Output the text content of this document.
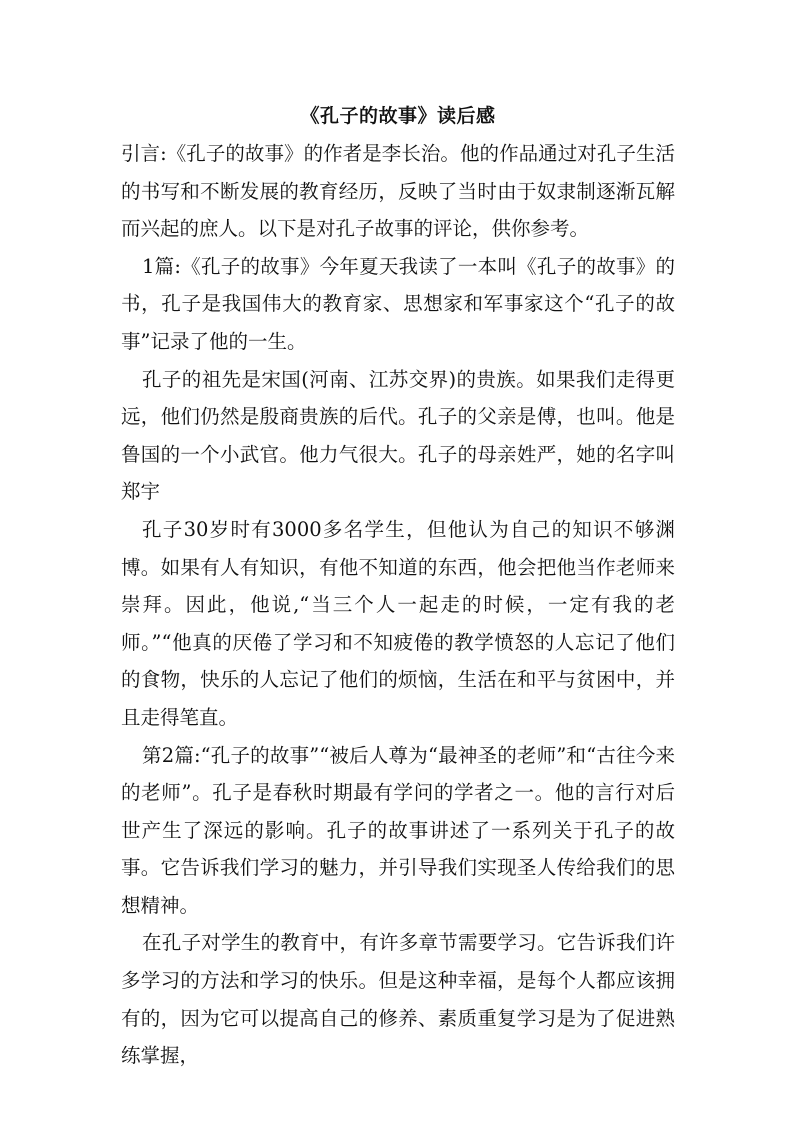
《孔子的故事》读后感

引言:《孔子的故事》的作者是李长治。他的作品通过对孔子生活的书写和不断发展的教育经历，反映了当时由于奴隶制逐渐瓦解而兴起的庶人。以下是对孔子故事的评论，供你参考。

1篇:《孔子的故事》今年夏天我读了一本叫《孔子的故事》的书，孔子是我国伟大的教育家、思想家和军事家这个“孔子的故事”记录了他的一生。

孔子的祖先是宋国(河南、江苏交界)的贵族。如果我们走得更远，他们仍然是殷商贵族的后代。孔子的父亲是傅，也叫。他是鲁国的一个小武官。他力气很大。孔子的母亲姓严，她的名字叫郑宇

孔子30岁时有3000多名学生，但他认为自己的知识不够渊博。如果有人有知识，有他不知道的东西，他会把他当作老师来崇拜。因此，他说,“当三个人一起走的时候，一定有我的老师。”“他真的厌倦了学习和不知疲倦的教学愤怒的人忘记了他们的食物，快乐的人忘记了他们的烦恼，生活在和平与贫困中，并且走得笔直。

第2篇:“孔子的故事”“被后人尊为“最神圣的老师”和“古往今来的老师”。孔子是春秋时期最有学问的学者之一。他的言行对后世产生了深远的影响。孔子的故事讲述了一系列关于孔子的故事。它告诉我们学习的魅力，并引导我们实现圣人传给我们的思想精神。

在孔子对学生的教育中，有许多章节需要学习。它告诉我们许多学习的方法和学习的快乐。但是这种幸福，是每个人都应该拥有的，因为它可以提高自己的修养、素质重复学习是为了促进熟练掌握，
